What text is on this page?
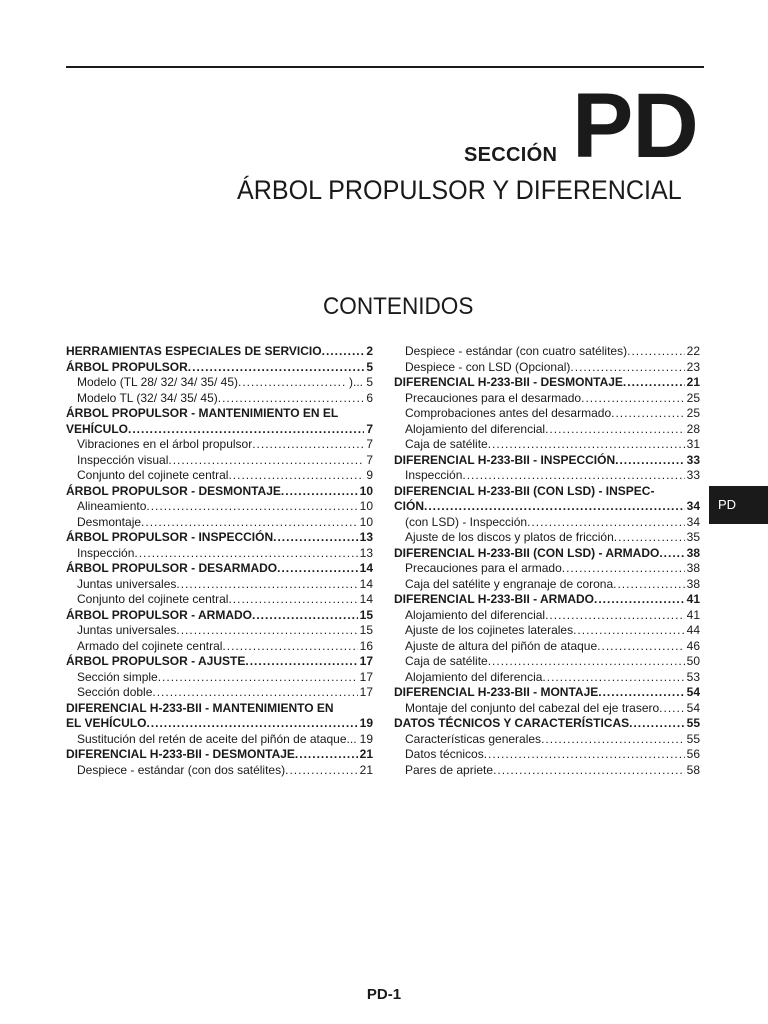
SECCIÓN PD
ÁRBOL PROPULSOR Y DIFERENCIAL
CONTENIDOS
HERRAMIENTAS ESPECIALES DE SERVICIO .....	2
ÁRBOL PROPULSOR .....	5
Modelo (TL 28/ 32/ 34/ 35/ 45) .....	)... 5
Modelo TL (32/ 34/ 35/ 45) .....	6
ÁRBOL PROPULSOR - MANTENIMIENTO EN EL
VEHÍCULO .....	7
Vibraciones en el árbol propulsor .....	7
Inspección visual .....	7
Conjunto del cojinete central .....	9
ÁRBOL PROPULSOR - DESMONTAJE .....	10
Alineamiento .....	10
Desmontaje .....	10
ÁRBOL PROPULSOR - INSPECCIÓN .....	13
Inspección .....	13
ÁRBOL PROPULSOR - DESARMADO .....	14
Juntas universales .....	14
Conjunto del cojinete central .....	14
ÁRBOL PROPULSOR - ARMADO .....	15
Juntas universales .....	15
Armado del cojinete central .....	16
ÁRBOL PROPULSOR - AJUSTE .....	17
Sección simple .....	17
Sección doble .....	17
DIFERENCIAL H-233-BII - MANTENIMIENTO EN
EL VEHÍCULO .....	19
Sustitución del retén de aceite del piñón de ataque.. ..... 19
DIFERENCIAL H-233-BII - DESMONTAJE .....	21
Despiece - estándar (con dos satélites) .....	21
Despiece - estándar (con cuatro satélites) .....	22
Despiece - con LSD (Opcional) .....	23
DIFERENCIAL H-233-BII - DESMONTAJE .....	21
Precauciones para el desarmado .....	25
Comprobaciones antes del desarmado .....	25
Alojamiento del diferencial .....	28
Caja de satélite .....	31
DIFERENCIAL H-233-BII - INSPECCIÓN .....	33
Inspección .....	33
DIFERENCIAL H-233-BII (CON LSD) - INSPEC-
CIÓN .....	34
(con LSD) - Inspección .....	34
Ajuste de los discos y platos de fricción .....	35
DIFERENCIAL H-233-BII (CON LSD) - ARMADO ..... 38
Precauciones para el armado .....	38
Caja del satélite y engranaje de corona .....	38
DIFERENCIAL H-233-BII - ARMADO .....	41
Alojamiento del diferencial .....	41
Ajuste de los cojinetes laterales .....	44
Ajuste de altura del piñón de ataque .....	46
Caja de satélite .....	50
Alojamiento del diferencia .....	53
DIFERENCIAL H-233-BII - MONTAJE .....	54
Montaje del conjunto del cabezal del eje trasero ..... 54
DATOS TÉCNICOS Y CARACTERÍSTICAS .....	55
Características generales .....	55
Datos técnicos .....	56
Pares de apriete .....	58
PD
PD-1
